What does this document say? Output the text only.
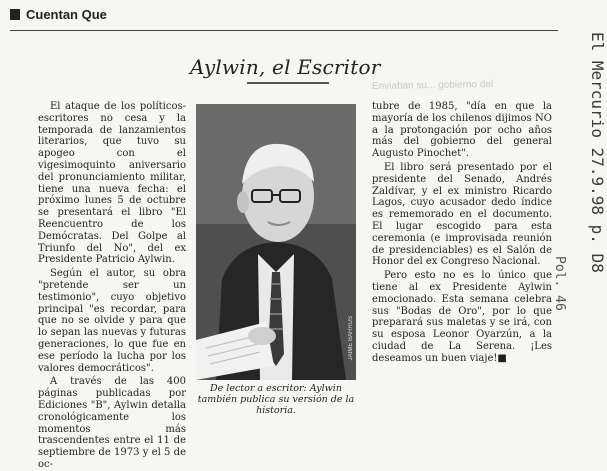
Cuentan Que
Enviaban su... gobierno del
Aylwin, el Escritor

El ataque de los políticos-escritores no cesa y la temporada de lanzamientos literarios, que tuvo su apogeo con el vigesimoquinto aniversario del pronunciamiento militar, tiene una nueva fecha: el próximo lunes 5 de octubre se presentará el libro "El Reencuentro de los Demócratas. Del Golpe al Triunfo del No", del ex Presidente Patricio Aylwin.

Según el autor, su obra "pretende ser un testimonio", cuyo objetivo principal "es recordar, para que no se olvide y para que lo sepan las nuevas y futuras generaciones, lo que fue en ese período la lucha por los valores democráticos".

A través de las 400 páginas publicadas por Ediciones "B", Aylwin detalla cronológicamente los momentos más trascendentes entre el 11 de septiembre de 1973 y el 5 de oc-

JAIME BARRUS
De lector a escritor: Aylwin también publica su versión de la historia.

tubre de 1985, "día en que la mayoría de los chilenos dijimos NO a la protongación por ocho años más del gobierno del general Augusto Pinochet".

El libro será presentado por el presidente del Senado, Andrés Zaldívar, y el ex ministro Ricardo Lagos, cuyo acusador dedo índice es rememorado en el documento. El lugar escogido para esta ceremonia (e improvisada reunión de presidenciables) es el Salón de Honor del ex Congreso Nacional.

Pero esto no es lo único que tiene al ex Presidente Aylwin emocionado. Esta semana celebra sus "Bodas de Oro", por lo que preparará sus maletas y se irá, con su esposa Leonor Oyarzún, a la ciudad de La Serena. ¡Les deseamos un buen viaje!■

El Mercurio 27.9.98 p. D8
Pol. 46
